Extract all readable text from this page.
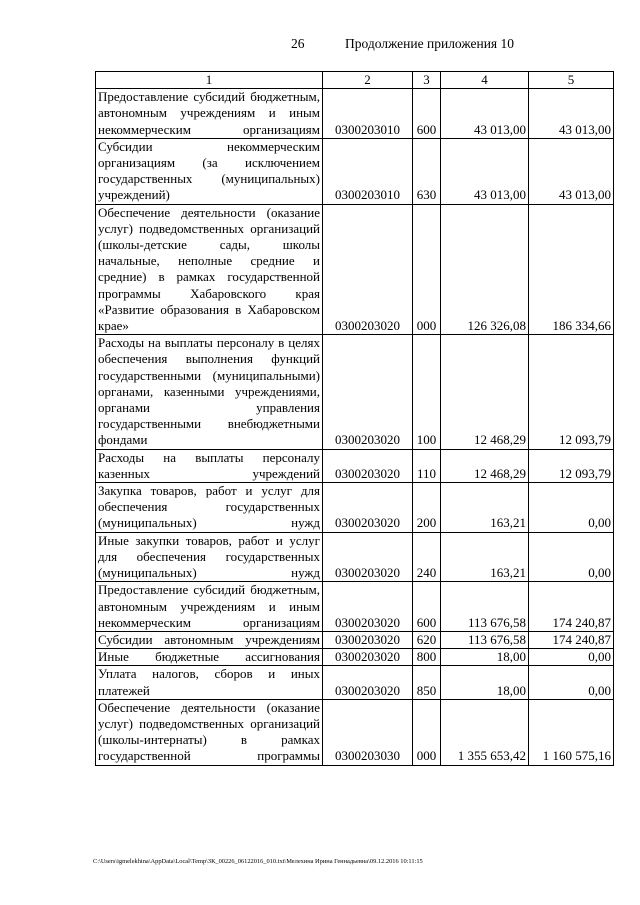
26	Продолжение приложения 10
1	2	3	4	5
Предоставление субсидий бюджетным, автономным учреждениям и иным некоммерческим организациям	0300203010	600	43 013,00	43 013,00
Субсидии некоммерческим организациям (за исключением государственных (муниципальных) учреждений)	0300203010	630	43 013,00	43 013,00
Обеспечение деятельности (оказание услуг) подведомственных организаций (школы-детские сады, школы начальные, неполные средние и средние) в рамках государственной программы Хабаровского края «Развитие образования в Хабаровском крае»	0300203020	000	126 326,08	186 334,66
Расходы на выплаты персоналу в целях обеспечения выполнения функций государственными (муниципальными) органами, казенными учреждениями, органами управления государственными внебюджетными фондами	0300203020	100	12 468,29	12 093,79
Расходы на выплаты персоналу казенных учреждений	0300203020	110	12 468,29	12 093,79
Закупка товаров, работ и услуг для обеспечения государственных (муниципальных) нужд	0300203020	200	163,21	0,00
Иные закупки товаров, работ и услуг для обеспечения государственных (муниципальных) нужд	0300203020	240	163,21	0,00
Предоставление субсидий бюджетным, автономным учреждениям и иным некоммерческим организациям	0300203020	600	113 676,58	174 240,87
Субсидии автономным учреждениям	0300203020	620	113 676,58	174 240,87
Иные бюджетные ассигнования	0300203020	800	18,00	0,00
Уплата налогов, сборов и иных платежей	0300203020	850	18,00	0,00
Обеспечение деятельности (оказание услуг) подведомственных организаций (школы-интернаты) в рамках государственной программы	0300203030	000	1 355 653,42	1 160 575,16
C:\Users\igmelekhina\AppData\Local\Temp\ЗК_00226_06122016_010.txt\Мелехина Ирина Геннадьевна\09.12.2016 10:11:15
